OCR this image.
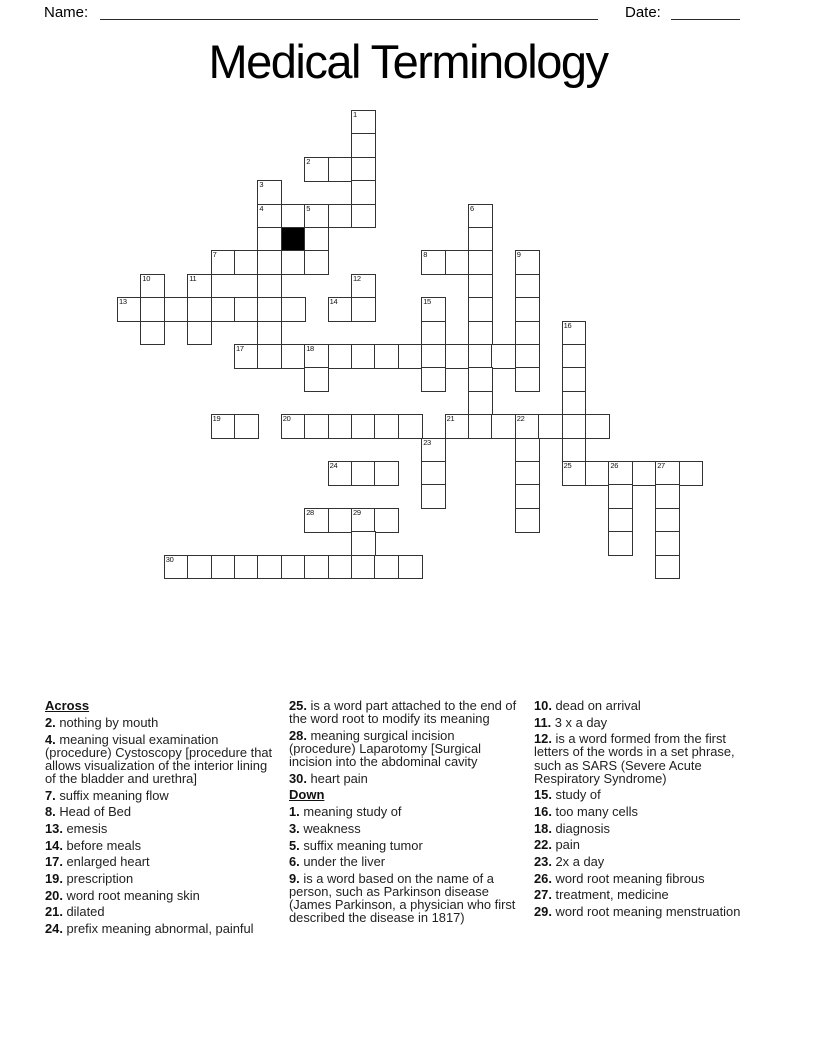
Name:	Date:
Medical Terminology
1
2
3
4	5	6
7	8	9
10	11	12
13	14	15
16
17	18
19	20	21	22
23
24	25	26	27
28	29
30
Across
2. nothing by mouth
4. meaning visual examination (procedure) Cystoscopy [procedure that allows visualization of the interior lining of the bladder and urethra]
7. suffix meaning flow
8. Head of Bed
13. emesis
14. before meals
17. enlarged heart
19. prescription
20. word root meaning skin
21. dilated
24. prefix meaning abnormal, painful
25. is a word part attached to the end of the word root to modify its meaning
28. meaning surgical incision (procedure) Laparotomy [Surgical incision into the abdominal cavity
30. heart pain
Down
1. meaning study of
3. weakness
5. suffix meaning tumor
6. under the liver
9. is a word based on the name of a person, such as Parkinson disease (James Parkinson, a physician who first described the disease in 1817)
10. dead on arrival
11. 3 x a day
12. is a word formed from the first letters of the words in a set phrase, such as SARS (Severe Acute Respiratory Syndrome)
15. study of
16. too many cells
18. diagnosis
22. pain
23. 2x a day
26. word root meaning fibrous
27. treatment, medicine
29. word root meaning menstruation
